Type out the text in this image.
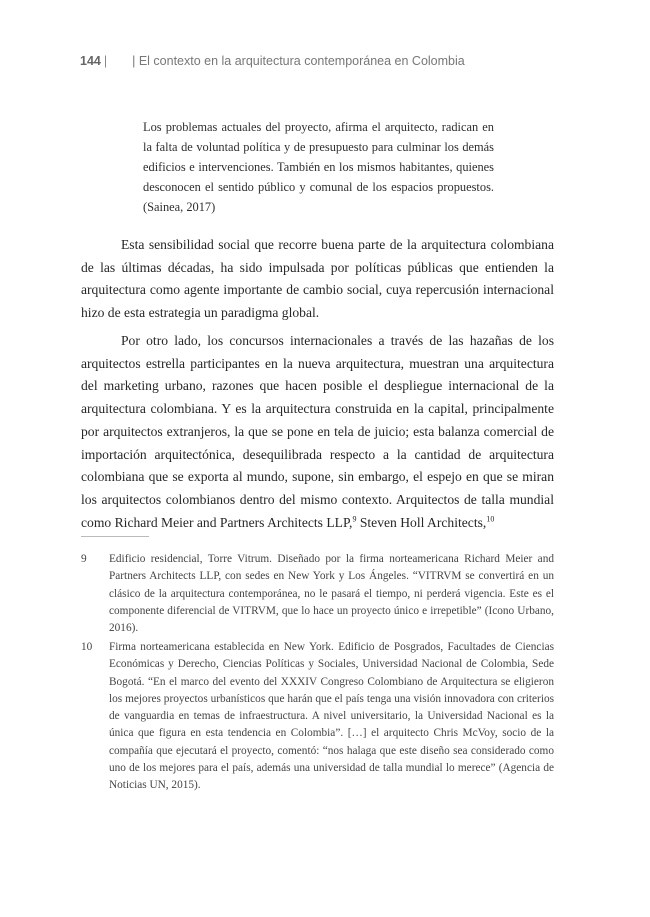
144 | | El contexto en la arquitectura contemporánea en Colombia
Los problemas actuales del proyecto, afirma el arquitecto, radican en la falta de voluntad política y de presupuesto para culminar los demás edificios e intervenciones. También en los mismos habitantes, quienes desconocen el sentido público y comunal de los espacios propuestos. (Sainea, 2017)

Esta sensibilidad social que recorre buena parte de la arquitectura colombiana de las últimas décadas, ha sido impulsada por políticas públicas que entienden la arquitectura como agente importante de cambio social, cuya repercusión internacional hizo de esta estrategia un paradigma global.

Por otro lado, los concursos internacionales a través de las hazañas de los arquitectos estrella participantes en la nueva arquitectura, muestran una arquitectura del marketing urbano, razones que hacen posible el despliegue internacional de la arquitectura colombiana. Y es la arquitectura construida en la capital, principalmente por arquitectos extranjeros, la que se pone en tela de juicio; esta balanza comercial de importación arquitectónica, desequilibrada respecto a la cantidad de arquitectura colombiana que se exporta al mundo, supone, sin embargo, el espejo en que se miran los arquitectos colombianos dentro del mismo contexto. Arquitectos de talla mundial como Richard Meier and Partners Architects LLP,$^9$ Steven Holl Architects,$^{10}$

9 Edificio residencial, Torre Vitrum. Diseñado por la firma norteamericana Richard Meier and Partners Architects LLP, con sedes en New York y Los Ángeles. “VITRVM se convertirá en un clásico de la arquitectura contemporánea, no le pasará el tiempo, ni perderá vigencia. Este es el componente diferencial de VITRVM, que lo hace un proyecto único e irrepetible” (Icono Urbano, 2016).
10 Firma norteamericana establecida en New York. Edificio de Posgrados, Facultades de Ciencias Económicas y Derecho, Ciencias Políticas y Sociales, Universidad Nacional de Colombia, Sede Bogotá. “En el marco del evento del XXXIV Congreso Colombiano de Arquitectura se eligieron los mejores proyectos urbanísticos que harán que el país tenga una visión innovadora con criterios de vanguardia en temas de infraestructura. A nivel universitario, la Universidad Nacional es la única que figura en esta tendencia en Colombia”. […] el arquitecto Chris McVoy, socio de la compañía que ejecutará el proyecto, comentó: “nos halaga que este diseño sea considerado como uno de los mejores para el país, además una universidad de talla mundial lo merece” (Agencia de Noticias UN, 2015).
